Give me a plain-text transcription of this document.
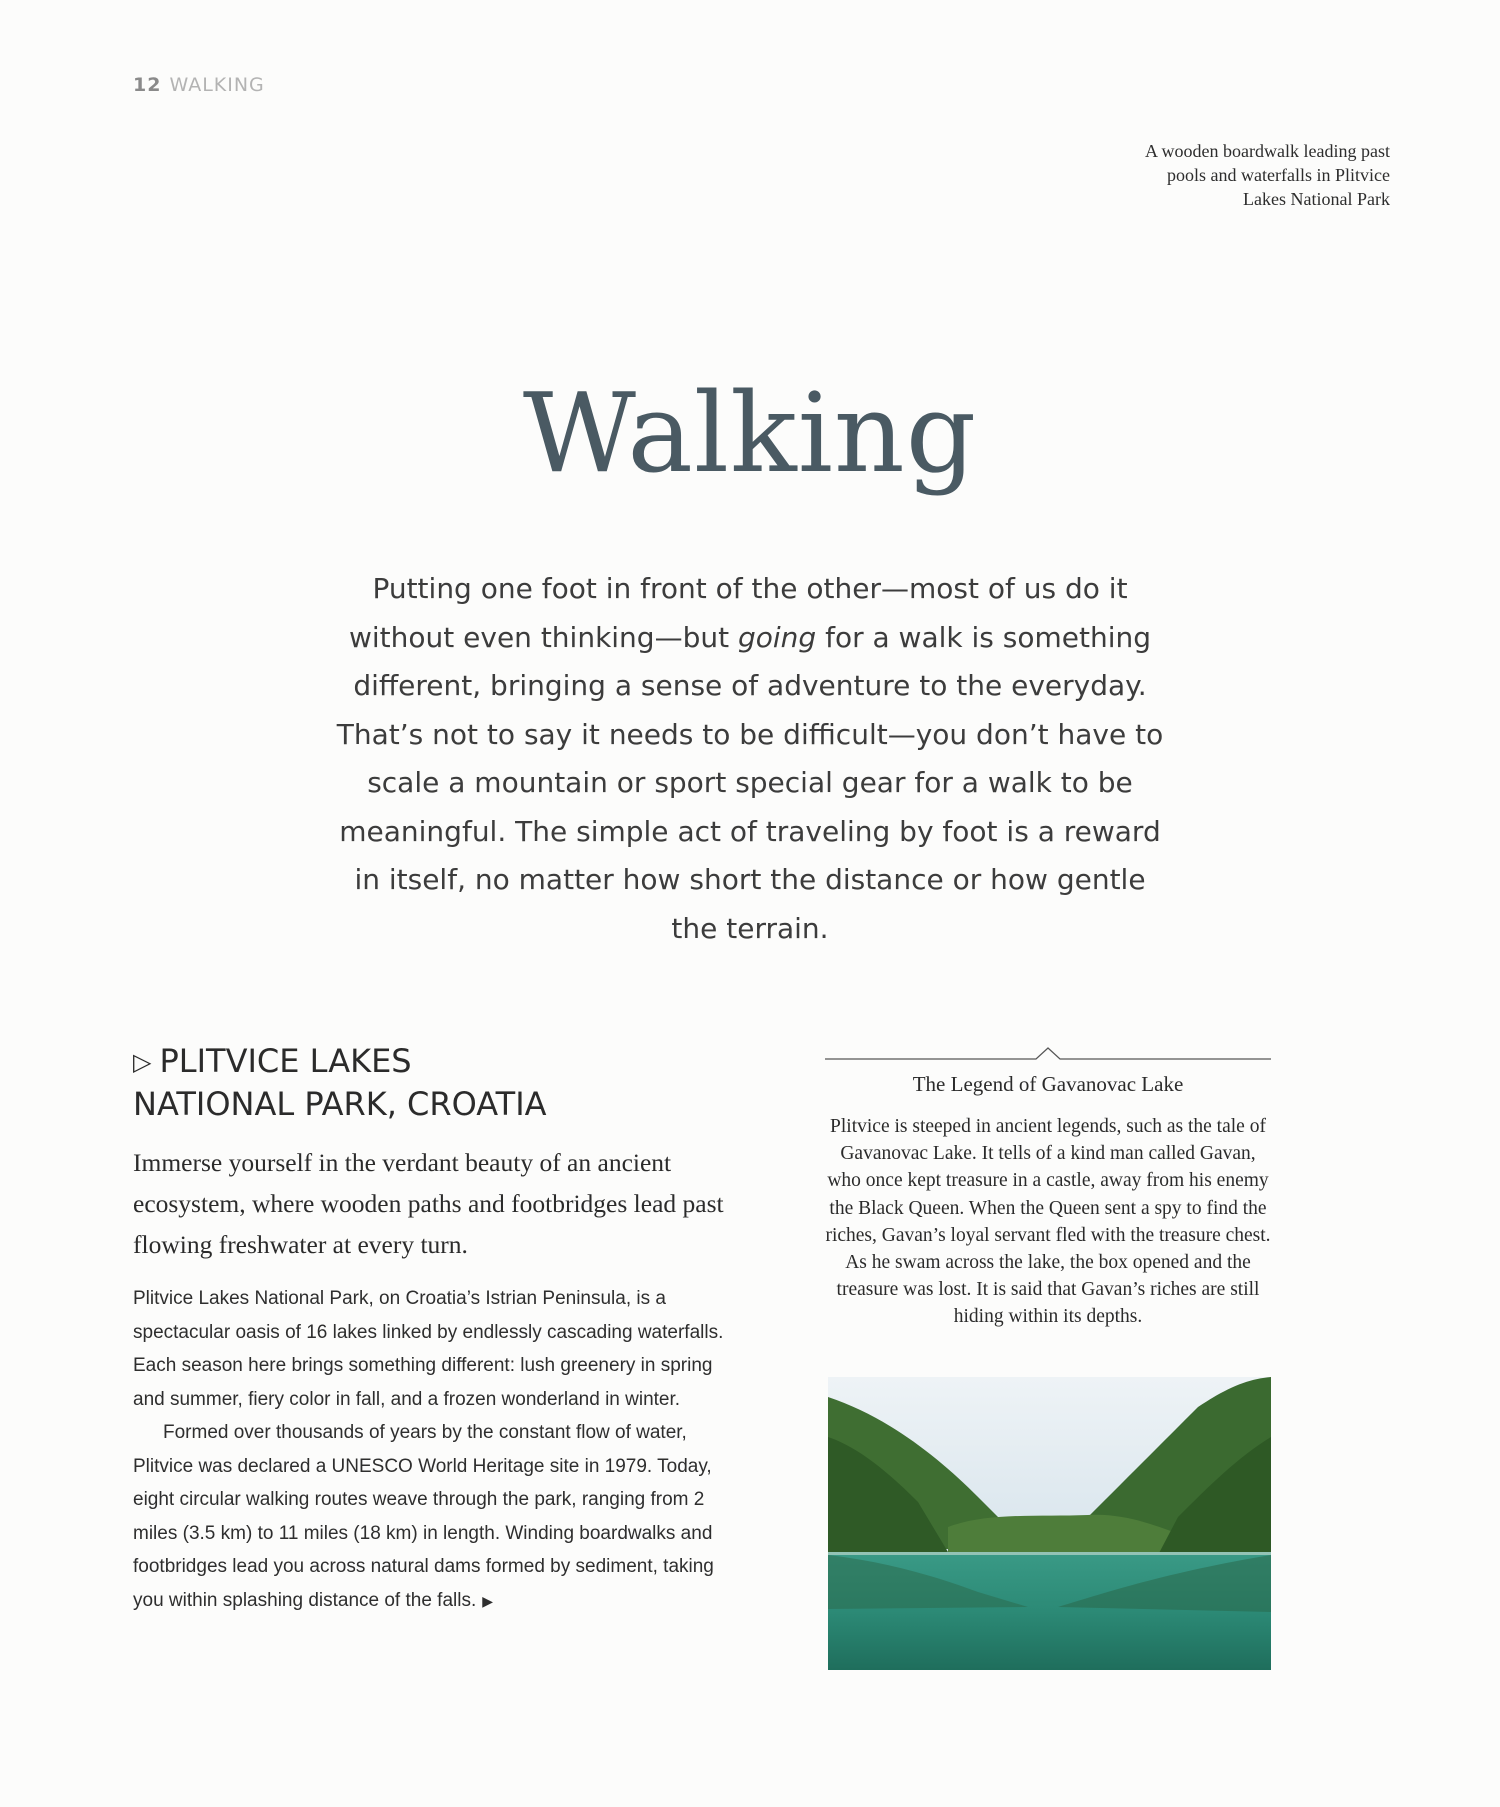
12 WALKING
A wooden boardwalk leading past pools and waterfalls in Plitvice Lakes National Park
Walking
Putting one foot in front of the other—most of us do it without even thinking—but going for a walk is something different, bringing a sense of adventure to the everyday. That’s not to say it needs to be difficult—you don’t have to scale a mountain or sport special gear for a walk to be meaningful. The simple act of traveling by foot is a reward in itself, no matter how short the distance or how gentle the terrain.
▷ PLITVICE LAKES
NATIONAL PARK, CROATIA
Immerse yourself in the verdant beauty of an ancient ecosystem, where wooden paths and footbridges lead past flowing freshwater at every turn.

Plitvice Lakes National Park, on Croatia’s Istrian Peninsula, is a spectacular oasis of 16 lakes linked by endlessly cascading waterfalls. Each season here brings something different: lush greenery in spring and summer, fiery color in fall, and a frozen wonderland in winter.

Formed over thousands of years by the constant flow of water, Plitvice was declared a UNESCO World Heritage site in 1979. Today, eight circular walking routes weave through the park, ranging from 2 miles (3.5 km) to 11 miles (18 km) in length. Winding boardwalks and footbridges lead you across natural dams formed by sediment, taking you within splashing distance of the falls. ▶

The Legend of Gavanovac Lake
Plitvice is steeped in ancient legends, such as the tale of Gavanovac Lake. It tells of a kind man called Gavan, who once kept treasure in a castle, away from his enemy the Black Queen. When the Queen sent a spy to find the riches, Gavan’s loyal servant fled with the treasure chest. As he swam across the lake, the box opened and the treasure was lost. It is said that Gavan’s riches are still hiding within its depths.
